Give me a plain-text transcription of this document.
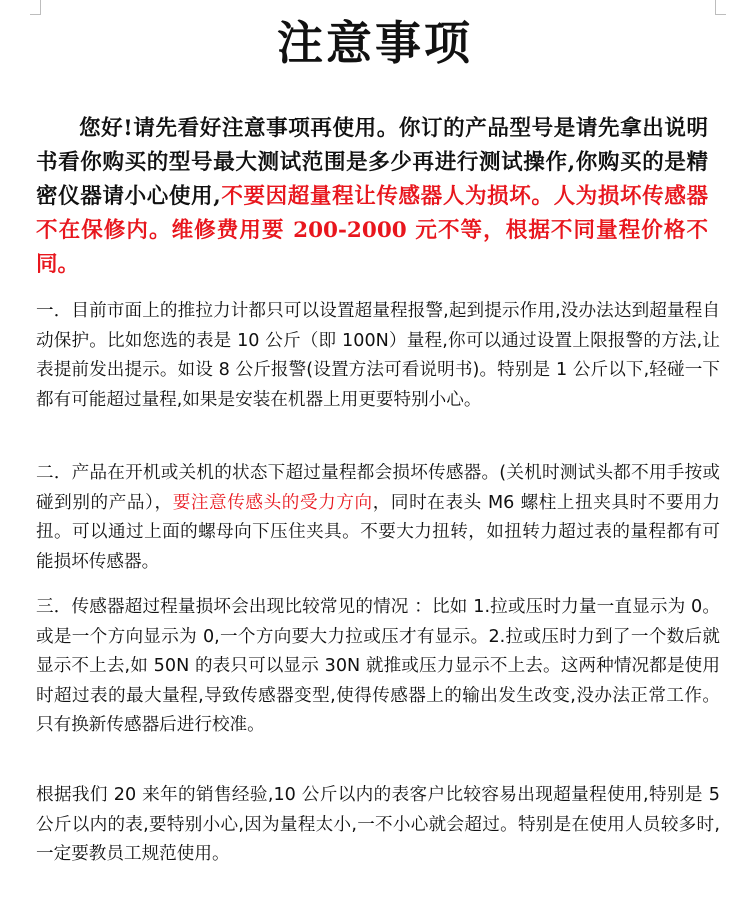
注意事项

您好!请先看好注意事项再使用。你订的产品型号是请先拿出说明书看你购买的型号最大测试范围是多少再进行测试操作,你购买的是精密仪器请小心使用,不要因超量程让传感器人为损坏。人为损坏传感器不在保修内。维修费用要 200-2000 元不等，根据不同量程价格不同。

一．目前市面上的推拉力计都只可以设置超量程报警,起到提示作用,没办法达到超量程自动保护。比如您选的表是 10 公斤（即 100N）量程,你可以通过设置上限报警的方法,让表提前发出提示。如设 8 公斤报警(设置方法可看说明书)。特别是 1 公斤以下,轻碰一下都有可能超过量程,如果是安装在机器上用更要特别小心。

二．产品在开机或关机的状态下超过量程都会损坏传感器。(关机时测试头都不用手按或碰到别的产品），要注意传感头的受力方向，同时在表头 M6 螺柱上扭夹具时不要用力扭。可以通过上面的螺母向下压住夹具。不要大力扭转，如扭转力超过表的量程都有可能损坏传感器。

三．传感器超过程量损坏会出现比较常见的情况 ：比如 1.拉或压时力量一直显示为 0。或是一个方向显示为 0,一个方向要大力拉或压才有显示。2.拉或压时力到了一个数后就显示不上去,如 50N 的表只可以显示 30N 就推或压力显示不上去。这两种情况都是使用时超过表的最大量程,导致传感器变型,使得传感器上的输出发生改变,没办法正常工作。只有换新传感器后进行校准。

根据我们 20 来年的销售经验,10 公斤以内的表客户比较容易出现超量程使用,特别是 5 公斤以内的表,要特别小心,因为量程太小,一不小心就会超过。特别是在使用人员较多时,一定要教员工规范使用。
